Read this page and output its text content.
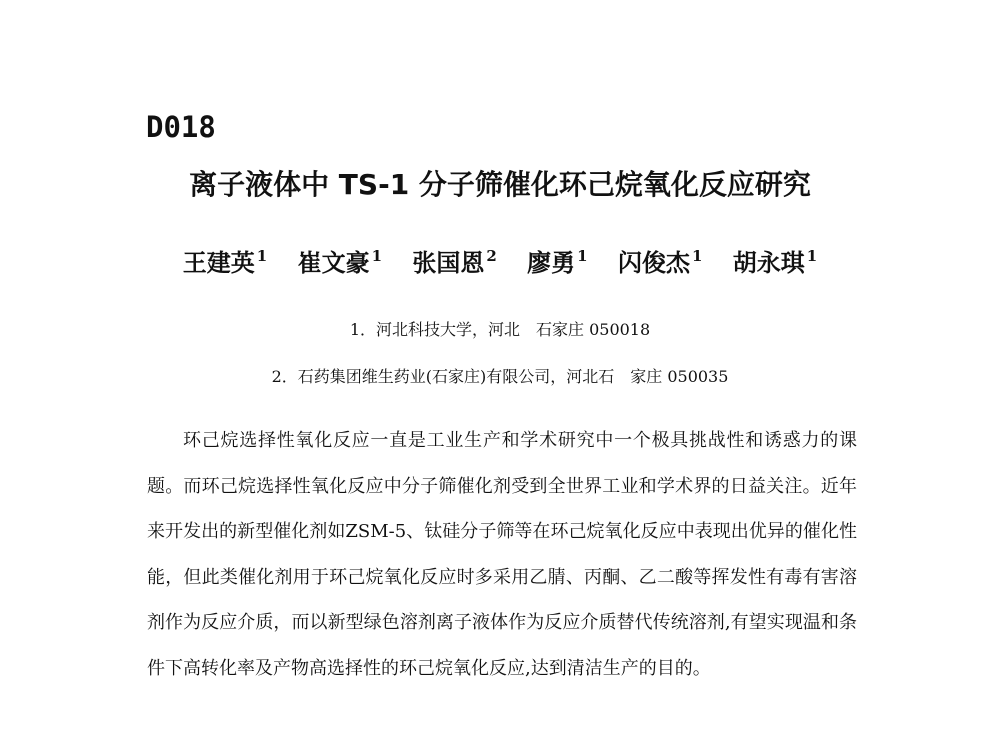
D018
离子液体中 TS-1 分子筛催化环己烷氧化反应研究
王建英 $^1$ 崔文豪 $^1$ 张国恩 $^2$ 廖勇 $^1$ 闪俊杰 $^1$ 胡永琪 $^1$
1．河北科技大学，河北　石家庄 050018
2．石药集团维生药业(石家庄)有限公司，河北石　家庄 050035

环己烷选择性氧化反应一直是工业生产和学术研究中一个极具挑战性和诱惑力的课题。而环己烷选择性氧化反应中分子筛催化剂受到全世界工业和学术界的日益关注。近年来开发出的新型催化剂如ZSM-5、钛硅分子筛等在环己烷氧化反应中表现出优异的催化性能，但此类催化剂用于环己烷氧化反应时多采用乙腈、丙酮、乙二酸等挥发性有毒有害溶剂作为反应介质，而以新型绿色溶剂离子液体作为反应介质替代传统溶剂,有望实现温和条件下高转化率及产物高选择性的环己烷氧化反应,达到清洁生产的目的。
